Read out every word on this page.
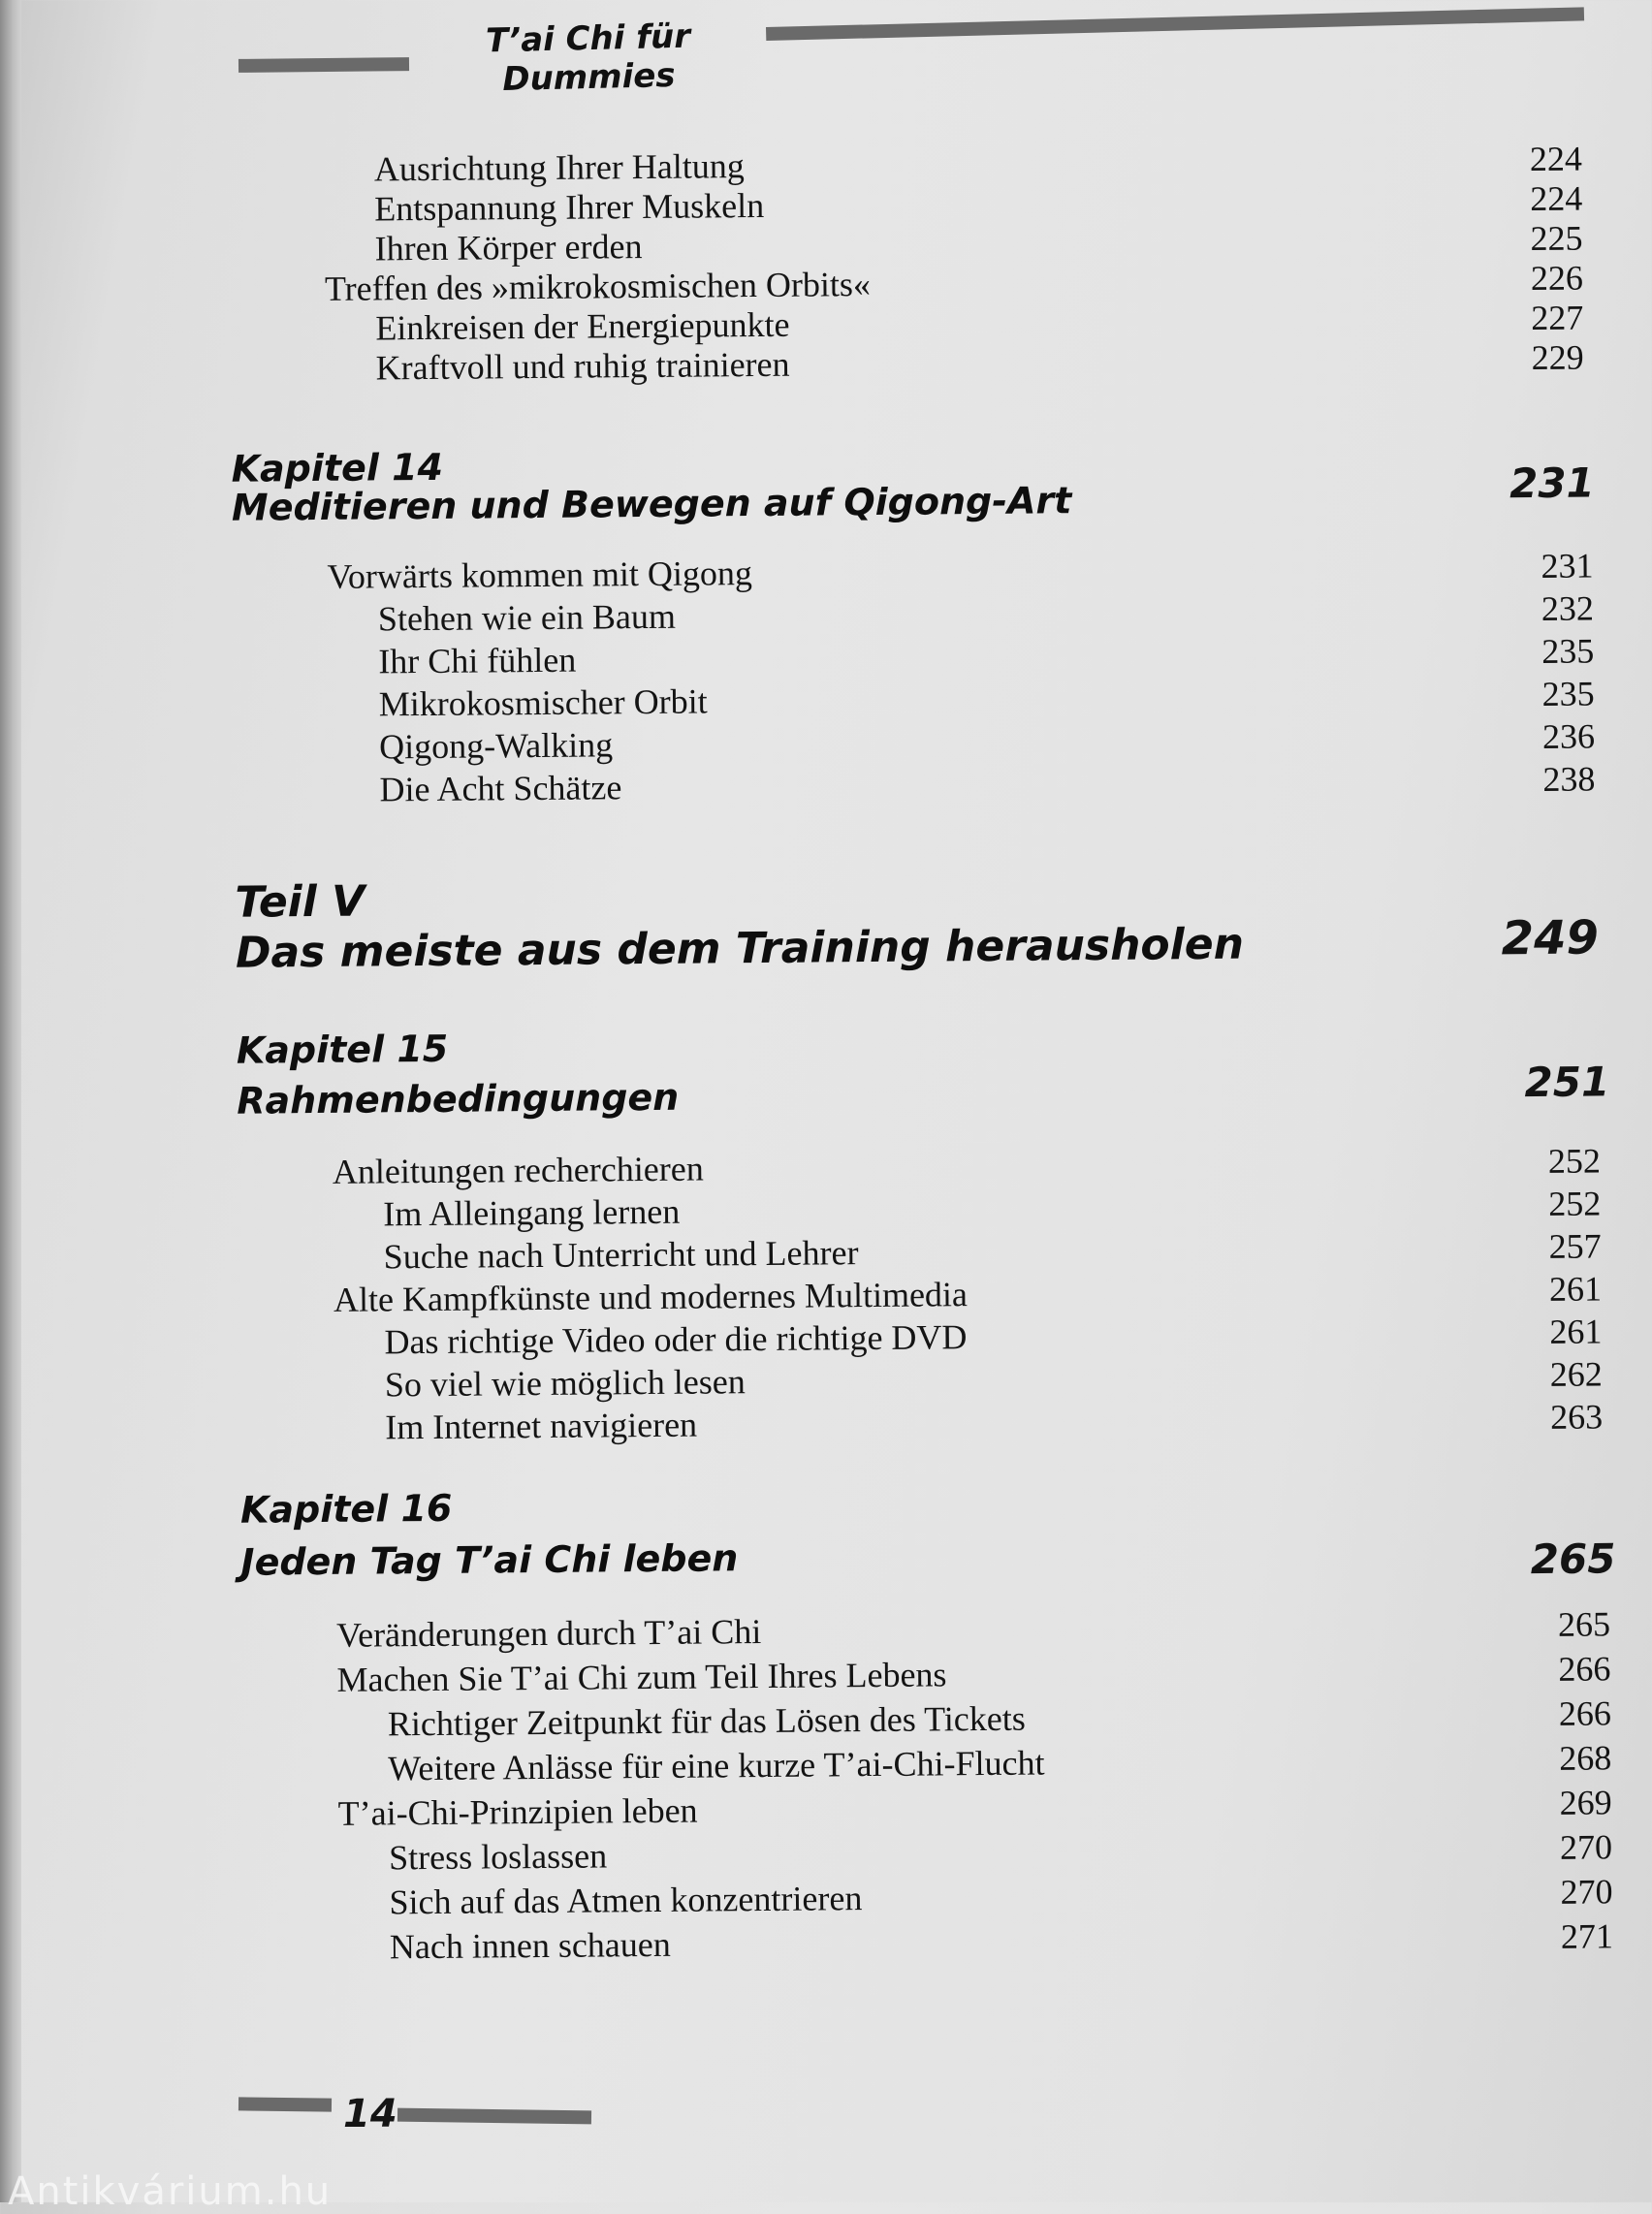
T’ai Chi für Dummies
Ausrichtung Ihrer Haltung	224
Entspannung Ihrer Muskeln	224
Ihren Körper erden	225
Treffen des »mikrokosmischen Orbits«	226
Einkreisen der Energiepunkte	227
Kraftvoll und ruhig trainieren	229
Kapitel 14
Meditieren und Bewegen auf Qigong-Art	231
Vorwärts kommen mit Qigong	231
Stehen wie ein Baum	232
Ihr Chi fühlen	235
Mikrokosmischer Orbit	235
Qigong-Walking	236
Die Acht Schätze	238
Teil V
Das meiste aus dem Training herausholen	249
Kapitel 15
Rahmenbedingungen	251
Anleitungen recherchieren	252
Im Alleingang lernen	252
Suche nach Unterricht und Lehrer	257
Alte Kampfkünste und modernes Multimedia	261
Das richtige Video oder die richtige DVD	261
So viel wie möglich lesen	262
Im Internet navigieren	263
Kapitel 16
Jeden Tag T’ai Chi leben	265
Veränderungen durch T’ai Chi	265
Machen Sie T’ai Chi zum Teil Ihres Lebens	266
Richtiger Zeitpunkt für das Lösen des Tickets	266
Weitere Anlässe für eine kurze T’ai-Chi-Flucht	268
T’ai-Chi-Prinzipien leben	269
Stress loslassen	270
Sich auf das Atmen konzentrieren	270
Nach innen schauen	271
14
Antikvárium.hu
